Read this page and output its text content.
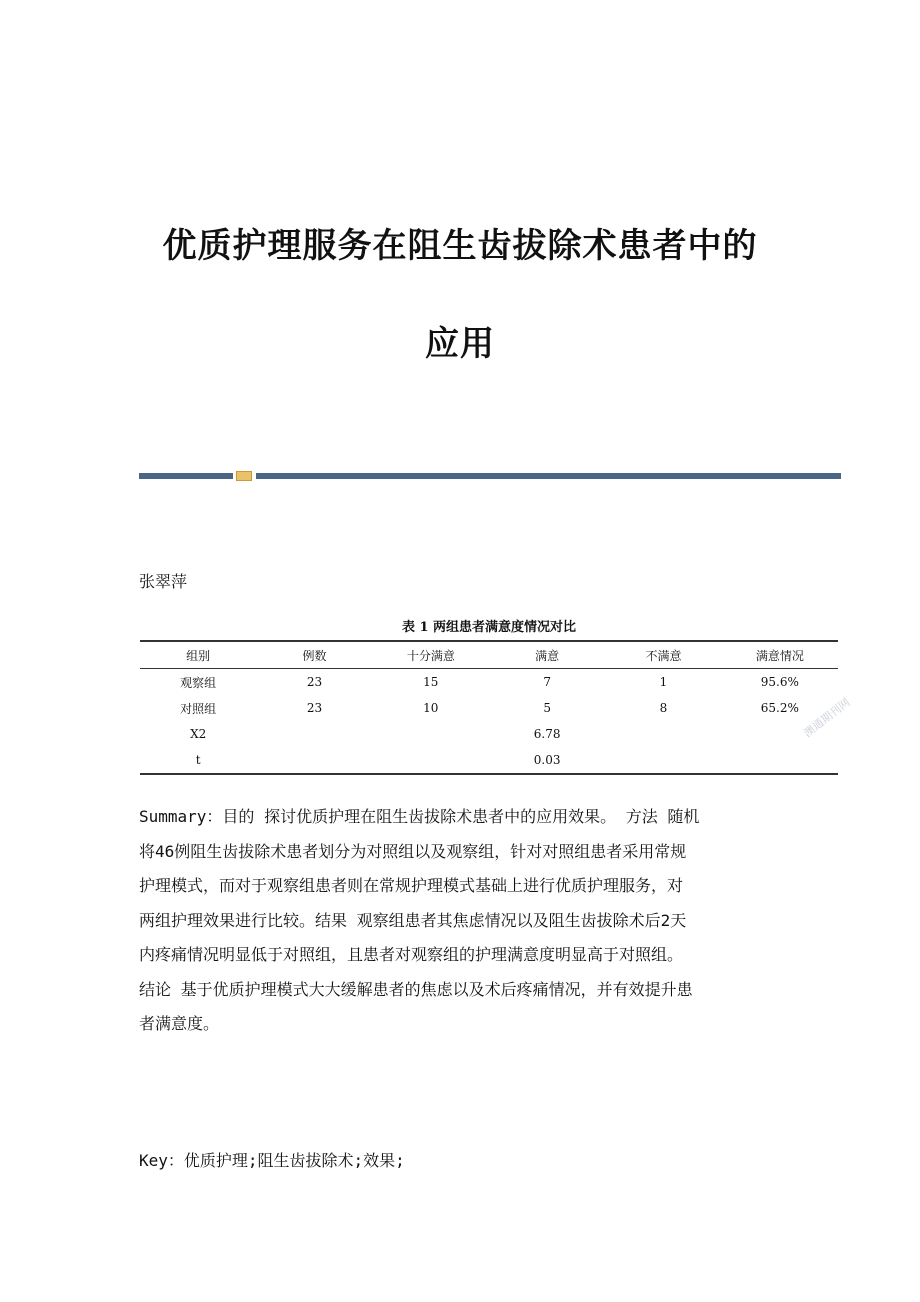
优质护理服务在阻生齿拔除术患者中的
应用
张翠萍
表 1 两组患者满意度情况对比
组别	例数	十分满意	满意	不满意	满意情况
观察组	23	15	7	1	95.6%
对照组	23	10	5	8	65.2%
X2			6.78		
t			0.03		
澳通期刊网

Summary：目的 探讨优质护理在阻生齿拔除术患者中的应用效果。 方法 随机

将46例阻生齿拔除术患者划分为对照组以及观察组，针对对照组患者采用常规

护理模式，而对于观察组患者则在常规护理模式基础上进行优质护理服务，对

两组护理效果进行比较。结果 观察组患者其焦虑情况以及阻生齿拔除术后2天

内疼痛情况明显低于对照组，且患者对观察组的护理满意度明显高于对照组。

结论 基于优质护理模式大大缓解患者的焦虑以及术后疼痛情况，并有效提升患

者满意度。

Key：优质护理;阻生齿拔除术;效果;
